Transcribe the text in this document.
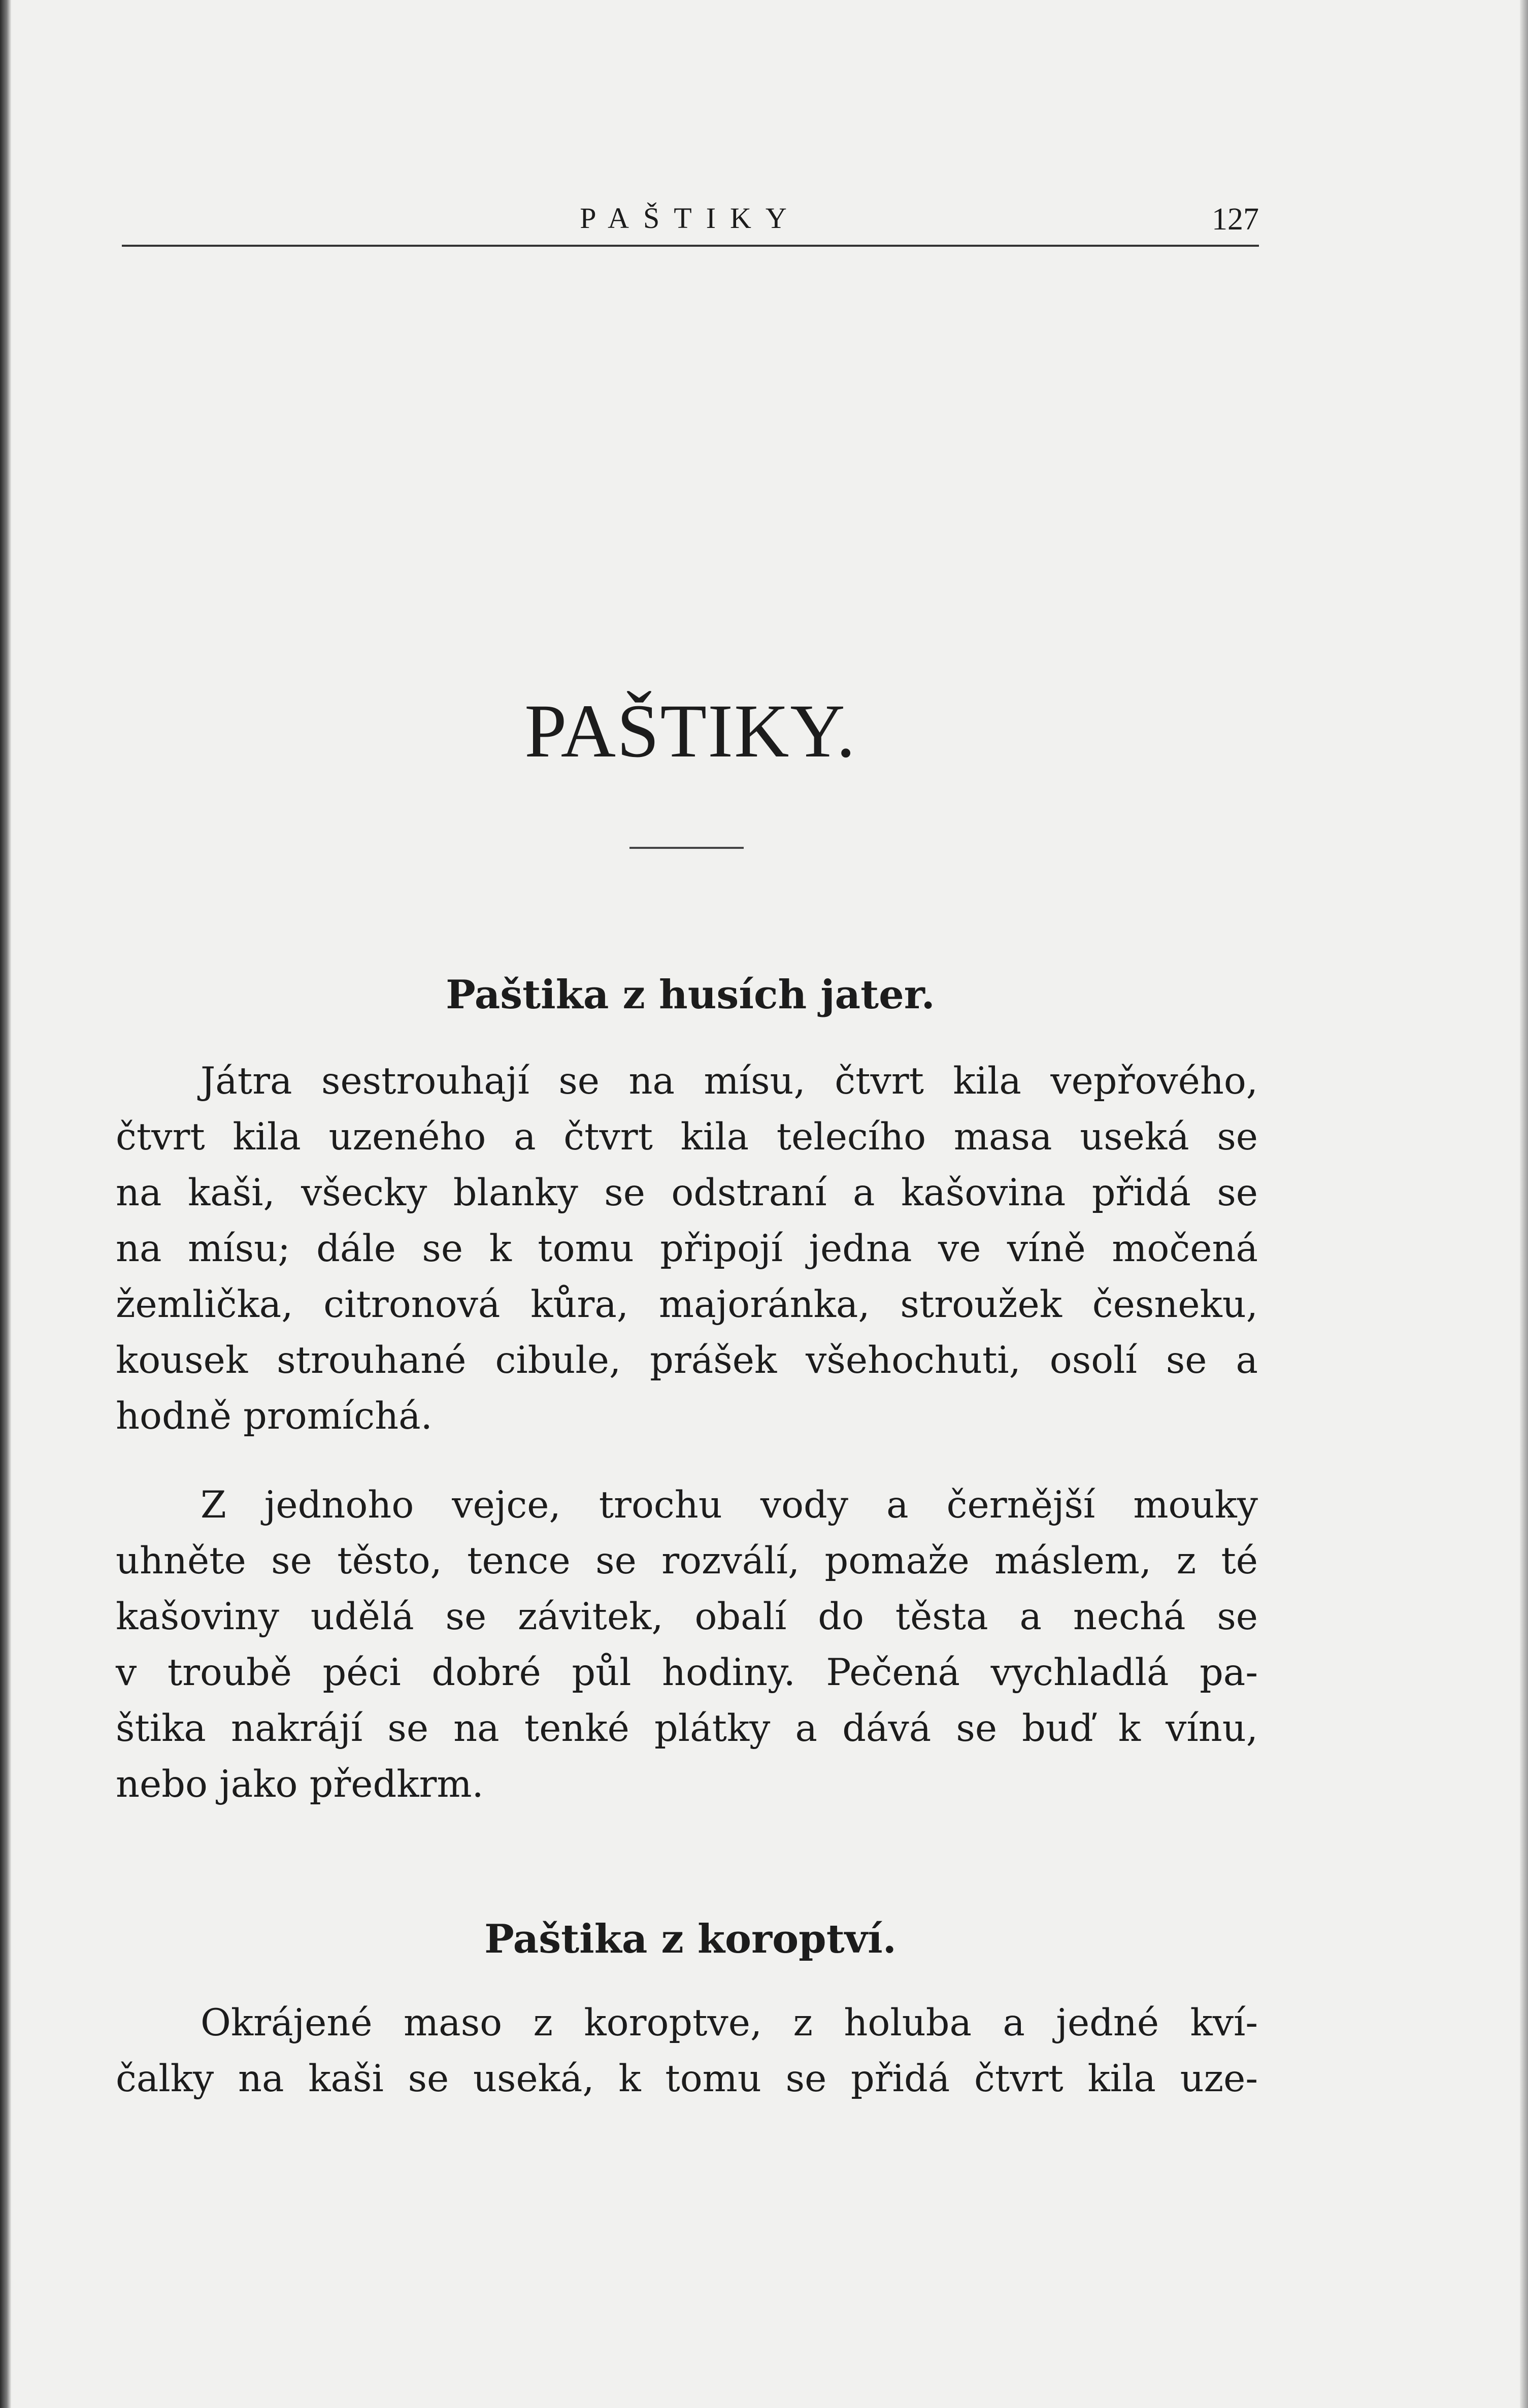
PAŠTIKY	127
PAŠTIKY.
Paštika z husích jater.
Játra sestrouhají se na mísu, čtvrt kila vepřového,
čtvrt kila uzeného a čtvrt kila telecího masa useká se
na kaši, všecky blanky se odstraní a kašovina přidá se
na mísu; dále se k tomu připojí jedna ve víně močená
žemlička, citronová kůra, majoránka, stroužek česneku,
kousek strouhané cibule, prášek všehochuti, osolí se a
hodně promíchá.
Z jednoho vejce, trochu vody a černější mouky
uhněte se těsto, tence se rozválí, pomaže máslem, z té
kašoviny udělá se závitek, obalí do těsta a nechá se
v troubě péci dobré půl hodiny. Pečená vychladlá pa-
štika nakrájí se na tenké plátky a dává se buď k vínu,
nebo jako předkrm.
Paštika z koroptví.
Okrájené maso z koroptve, z holuba a jedné kví-
čalky na kaši se useká, k tomu se přidá čtvrt kila uze-
